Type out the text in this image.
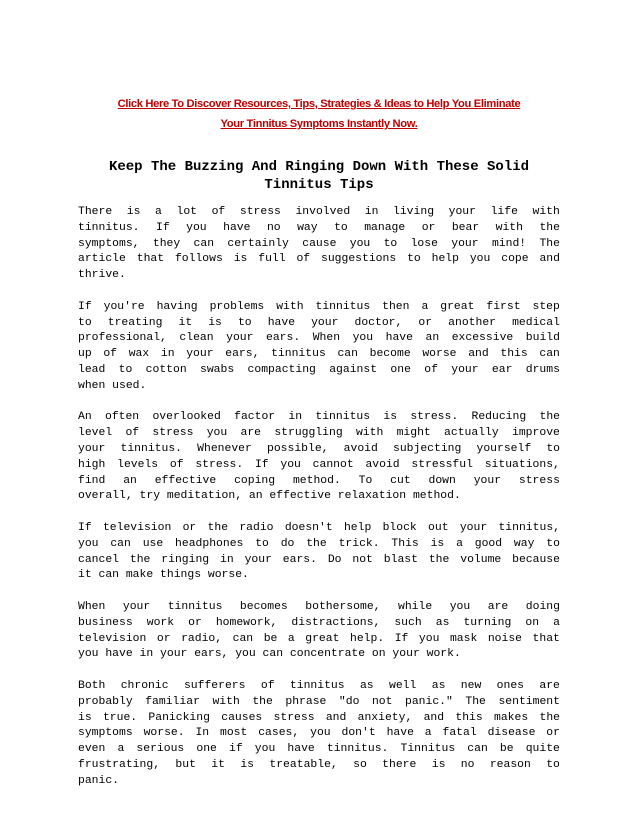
Click Here To Discover Resources, Tips, Strategies & Ideas to Help You Eliminate
Your Tinnitus Symptoms Instantly Now.
Keep The Buzzing And Ringing Down With These Solid
Tinnitus Tips
There is a lot of stress involved in living your life with
tinnitus. If you have no way to manage or bear with the
symptoms, they can certainly cause you to lose your mind! The
article that follows is full of suggestions to help you cope and
thrive.
If you're having problems with tinnitus then a great first step
to treating it is to have your doctor, or another medical
professional, clean your ears. When you have an excessive build
up of wax in your ears, tinnitus can become worse and this can
lead to cotton swabs compacting against one of your ear drums
when used.
An often overlooked factor in tinnitus is stress. Reducing the
level of stress you are struggling with might actually improve
your tinnitus. Whenever possible, avoid subjecting yourself to
high levels of stress. If you cannot avoid stressful situations,
find an effective coping method. To cut down your stress
overall, try meditation, an effective relaxation method.
If television or the radio doesn't help block out your tinnitus,
you can use headphones to do the trick. This is a good way to
cancel the ringing in your ears. Do not blast the volume because
it can make things worse.
When your tinnitus becomes bothersome, while you are doing
business work or homework, distractions, such as turning on a
television or radio, can be a great help. If you mask noise that
you have in your ears, you can concentrate on your work.
Both chronic sufferers of tinnitus as well as new ones are
probably familiar with the phrase "do not panic." The sentiment
is true. Panicking causes stress and anxiety, and this makes the
symptoms worse. In most cases, you don't have a fatal disease or
even a serious one if you have tinnitus. Tinnitus can be quite
frustrating, but it is treatable, so there is no reason to
panic.
